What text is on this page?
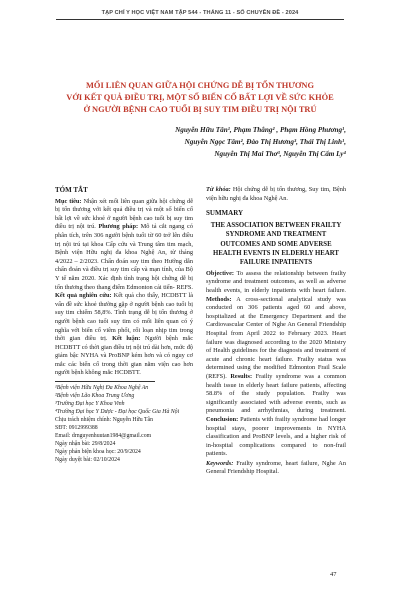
TẠP CHÍ Y HỌC VIỆT NAM TẬP 544 - THÁNG 11 - SỐ CHUYÊN ĐỀ - 2024
MỐI LIÊN QUAN GIỮA HỘI CHỨNG DỄ BỊ TỔN THƯƠNG
VỚI KẾT QUẢ ĐIỀU TRỊ, MỘT SỐ BIẾN CỐ BẤT LỢI VỀ SỨC KHỎE
Ở NGƯỜI BỆNH CAO TUỔI BỊ SUY TIM ĐIỀU TRỊ NỘI TRÚ
Nguyễn Hữu Tân¹, Phạm Thắng² , Phạm Hồng Phương¹,
Nguyễn Ngọc Tâm², Đào Thị Hương³, Thái Thị Linh¹,
Nguyễn Thị Mai Thơ³, Nguyễn Thị Cẩm Ly⁴
TÓM TẮT
Mục tiêu: Nhận xét mối liên quan giữa hội chứng dễ bị tổn thương với kết quả điều trị và một số biến cố bất lợi về sức khoẻ ở người bệnh cao tuổi bị suy tim điều trị nội trú. Phương pháp: Mô tả cắt ngang có phân tích, trên 306 người bệnh tuổi từ 60 trở lên điều trị nội trú tại khoa Cấp cứu và Trung tâm tim mạch, Bệnh viện Hữu nghị đa khoa Nghệ An, từ tháng 4/2022 – 2/2023. Chẩn đoán suy tim theo Hướng dẫn chẩn đoán và điều trị suy tim cấp và mạn tính, của Bộ Y tế năm 2020. Xác định tình trạng hội chứng dễ bị tổn thương theo thang điểm Edmonton cải tiến- REFS. Kết quả nghiên cứu: Kết quả cho thấy, HCDBTT là vấn đề sức khoẻ thường gặp ở người bệnh cao tuổi bị suy tim chiếm 58,8%. Tình trạng dễ bị tổn thương ở người bệnh cao tuổi suy tim có mối liên quan có ý nghĩa với biến cố viêm phổi, rối loạn nhịp tim trong thời gian điều trị. Kết luận: Người bệnh mắc HCDBTT có thời gian điều trị nội trú dài hơn, mức độ giảm bậc NYHA và ProBNP kém hơn và có nguy cơ mắc các biến cố trong thời gian nằm viện cao hơn người bệnh không mắc HCDBTT.
¹Bệnh viện Hữu Nghị Đa Khoa Nghệ An
²Bệnh viện Lão Khoa Trung Ương
³Trường Đại học Y Khoa Vinh
⁴Trường Đại học Y Dược - Đại học Quốc Gia Hà Nội
Chịu trách nhiệm chính: Nguyễn Hữu Tân
SĐT: 0912999388
Email: drnguyenhuutan1984@gmail.com
Ngày nhận bài: 29/8/2024
Ngày phản biện khoa học: 20/9/2024
Ngày duyệt bài: 02/10/2024
Từ khóa: Hội chứng dễ bị tổn thương, Suy tim, Bệnh viện hữu nghị đa khoa Nghệ An.
SUMMARY
THE ASSOCIATION BETWEEN FRAILTY SYNDROME AND TREATMENT OUTCOMES AND SOME ADVERSE HEALTH EVENTS IN ELDERLY HEART FAILURE INPATIENTS
Objective: To assess the relationship between frailty syndrome and treatment outcomes, as well as adverse health events, in elderly inpatients with heart failure. Methods: A cross-sectional analytical study was conducted on 306 patients aged 60 and above, hospitalized at the Emergency Department and the Cardiovascular Center of Nghe An General Friendship Hospital from April 2022 to February 2023. Heart failure was diagnosed according to the 2020 Ministry of Health guidelines for the diagnosis and treatment of acute and chronic heart failure. Frailty status was determined using the modified Edmonton Frail Scale (REFS). Results: Frailty syndrome was a common health issue in elderly heart failure patients, affecting 58.8% of the study population. Frailty was significantly associated with adverse events, such as pneumonia and arrhythmias, during treatment. Conclusion: Patients with frailty syndrome had longer hospital stays, poorer improvements in NYHA classification and ProBNP levels, and a higher risk of in-hospital complications compared to non-frail patients.
Keywords: Frailty syndrome, heart failure, Nghe An General Friendship Hospital.
47
